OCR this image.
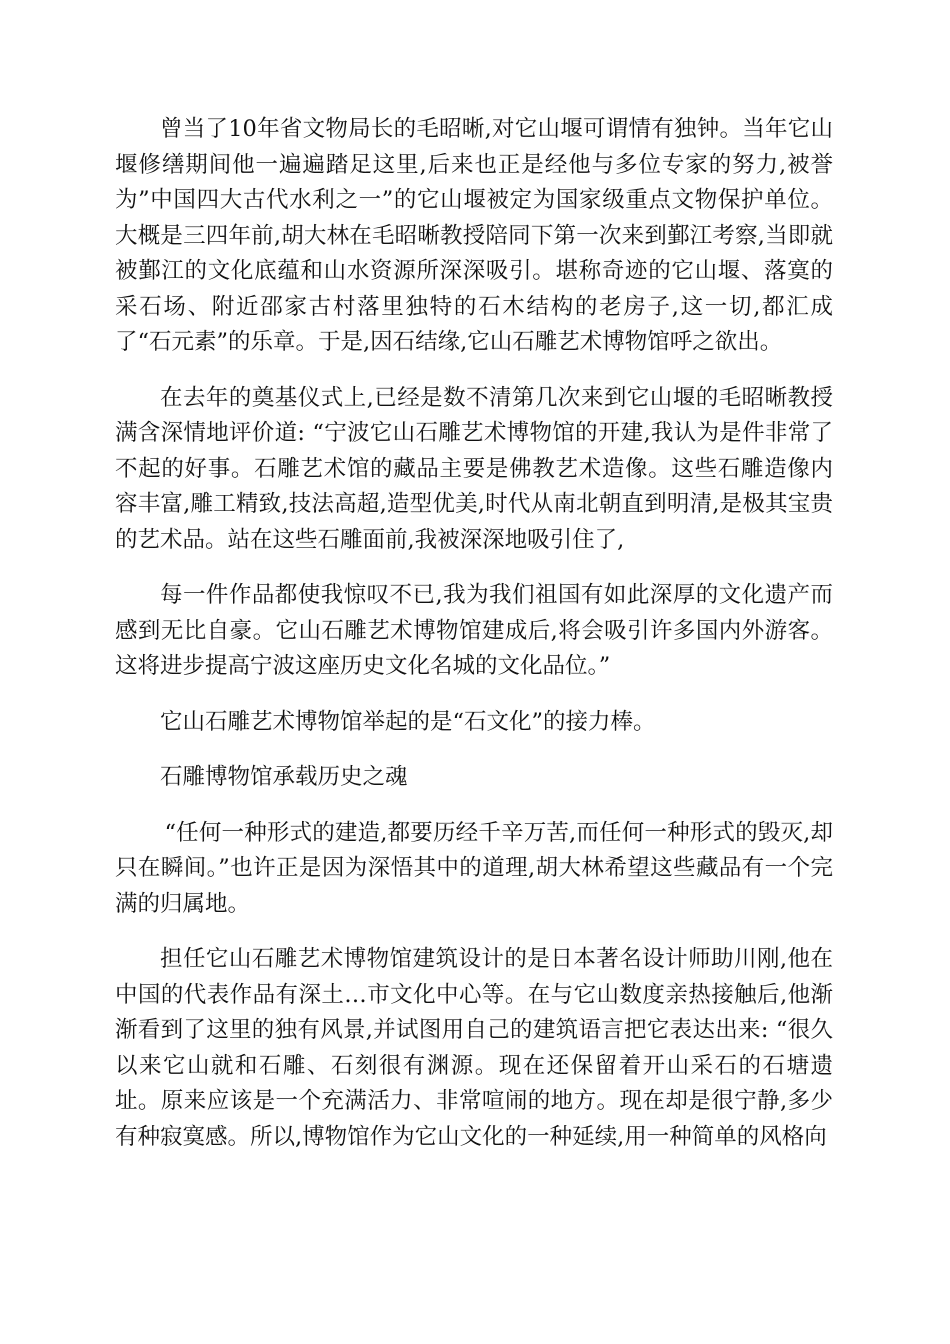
曾当了10年省文物局长的毛昭晰,对它山堰可谓情有独钟。当年它山堰修缮期间他一遍遍踏足这里,后来也正是经他与多位专家的努力,被誉为”中国四大古代水利之一”的它山堰被定为国家级重点文物保护单位。大概是三四年前,胡大林在毛昭晰教授陪同下第一次来到鄞江考察,当即就被鄞江的文化底蕴和山水资源所深深吸引。堪称奇迹的它山堰、落寞的采石场、附近邵家古村落里独特的石木结构的老房子,这一切,都汇成了“石元素”的乐章。于是,因石结缘,它山石雕艺术博物馆呼之欲出。

在去年的奠基仪式上,已经是数不清第几次来到它山堰的毛昭晰教授满含深情地评价道: “宁波它山石雕艺术博物馆的开建,我认为是件非常了不起的好事。石雕艺术馆的藏品主要是佛教艺术造像。这些石雕造像内容丰富,雕工精致,技法高超,造型优美,时代从南北朝直到明清,是极其宝贵的艺术品。站在这些石雕面前,我被深深地吸引住了,

每一件作品都使我惊叹不已,我为我们祖国有如此深厚的文化遗产而感到无比自豪。它山石雕艺术博物馆建成后,将会吸引许多国内外游客。这将进步提高宁波这座历史文化名城的文化品位。”

它山石雕艺术博物馆举起的是“石文化”的接力棒。

石雕博物馆承载历史之魂

“任何一种形式的建造,都要历经千辛万苦,而任何一种形式的毁灭,却只在瞬间。”也许正是因为深悟其中的道理,胡大林希望这些藏品有一个完满的归属地。

担任它山石雕艺术博物馆建筑设计的是日本著名设计师助川刚,他在中国的代表作品有深土…市文化中心等。在与它山数度亲热接触后,他渐渐看到了这里的独有风景,并试图用自己的建筑语言把它表达出来: “很久以来它山就和石雕、石刻很有渊源。现在还保留着开山采石的石塘遗址。原来应该是一个充满活力、非常喧闹的地方。现在却是很宁静,多少有种寂寞感。所以,博物馆作为它山文化的一种延续,用一种简单的风格向
